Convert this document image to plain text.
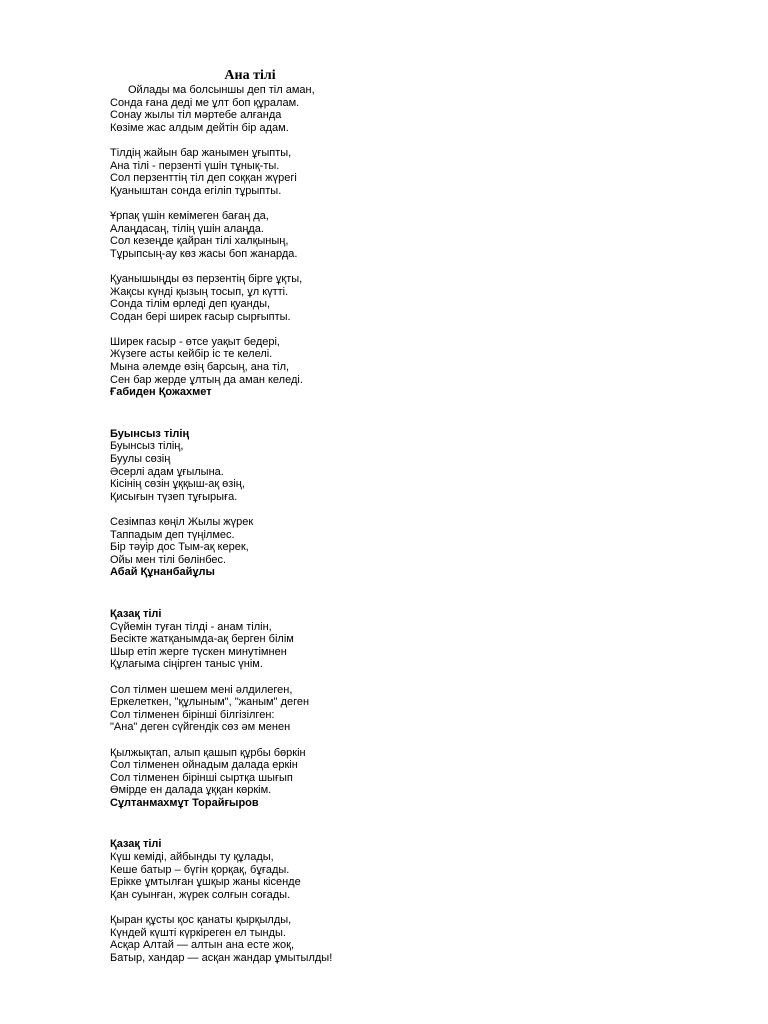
Ана тілі
Ойлады ма болсыншы деп тіл аман,
Сонда ғана деді ме ұлт боп құралам.
Сонау жылы тіл мәртебе алғанда
Көзіме жас алдым дейтін бір адам.
Тілдің жайын бар жанымен ұғыпты,
Ана тілі - перзенті үшін тұнық-ты.
Сол перзенттің тіл деп соққан жүрегі
Қуаныштан сонда егіліп тұрыпты.
Ұрпақ үшін кемімеген бағаң да,
Алаңдасаң, тілің үшін алаңда.
Сол кезеңде қайран тілі халқының,
Тұрыпсың-ау көз жасы боп жанарда.
Қуанышыңды өз перзентің бірге ұқты,
Жақсы күнді қызың тосып, ұл күтті.
Сонда тілім өрледі деп қуанды,
Содан бері ширек ғасыр сырғыпты.
Ширек ғасыр - өтсе уақыт бедері,
Жүзеге асты кейбір іс те келелі.
Мына әлемде өзің барсың, ана тіл,
Сен бар жерде ұлтың да аман келеді.
Ғабиден Қожахмет
Буынсыз тілің
Буынсыз тілің,
Буулы сөзің
Әсерлі адам ұғылына.
Кісінің сөзін ұққыш-ақ өзің,
Қисығын түзеп тұғырыға.
Сезімпаз көңіл Жылы жүрек
Таппадым деп түңілмес.
Бір тәуір дос Тым-ақ керек,
Ойы мен тілі бөлінбес.
Абай Құнанбайұлы
Қазақ тілі
Сүйемін туған тілді - анам тілін,
Бесікте жатқанымда-ақ берген білім
Шыр етіп жерге түскен минутімнен
Құлағыма сіңірген таныс үнім.
Сол тілмен шешем мені әлдилеген,
Еркелеткен, "құлыным", "жаным" деген
Сол тілменен бірінші білгізілген:
"Ана" деген сүйгендік сөз әм менен
Қылжықтап, алып қашып құрбы бөркін
Сол тілменен ойнадым далада еркін
Сол тілменен бірінші сыртқа шығып
Өмірде ен далада ұққан көркім.
Сұлтанмахмұт Торайғыров
Қазақ тілі
Күш кеміді, айбынды ту құлады,
Кеше батыр – бүгін қорқақ, бұғады.
Ерікке ұмтылған ұшқыр жаны кісенде
Қан суынған, жүрек солғын соғады.
Қыран құсты қос қанаты қырқылды,
Күндей күшті күркіреген ел тынды.
Асқар Алтай — алтын ана есте жоқ,
Батыр, хандар — асқан жандар ұмытылды!
